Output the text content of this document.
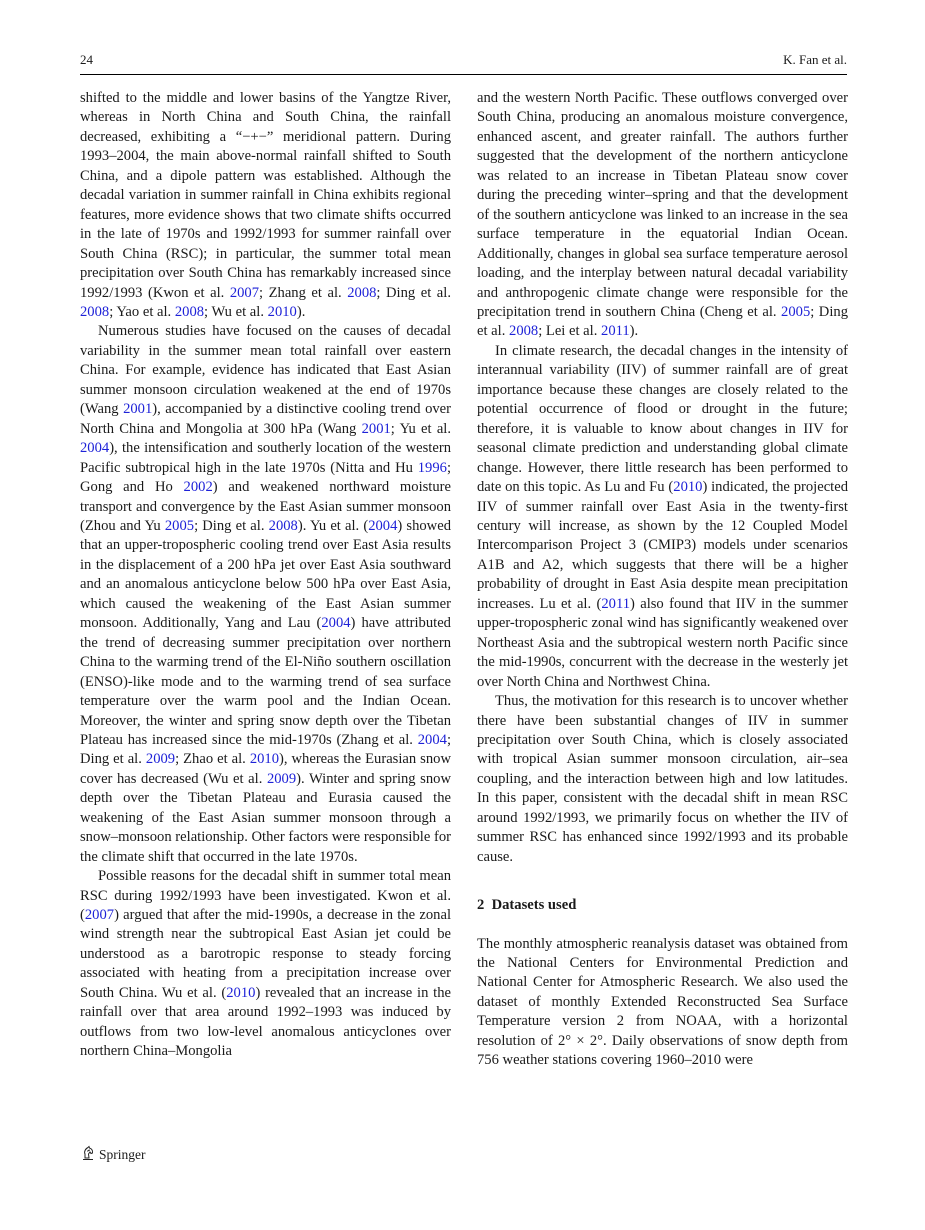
24	K. Fan et al.

shifted to the middle and lower basins of the Yangtze River, whereas in North China and South China, the rainfall decreased, exhibiting a “−+−” meridional pattern. During 1993–2004, the main above-normal rainfall shifted to South China, and a dipole pattern was established. Although the decadal variation in summer rainfall in China exhibits regional features, more evidence shows that two climate shifts occurred in the late of 1970s and 1992/1993 for summer rainfall over South China (RSC); in particular, the summer total mean precipitation over South China has remarkably increased since 1992/1993 (Kwon et al. 2007; Zhang et al. 2008; Ding et al. 2008; Yao et al. 2008; Wu et al. 2010).

Numerous studies have focused on the causes of decadal variability in the summer mean total rainfall over eastern China. For example, evidence has indicated that East Asian summer monsoon circulation weakened at the end of 1970s (Wang 2001), accompanied by a distinctive cooling trend over North China and Mongolia at 300 hPa (Wang 2001; Yu et al. 2004), the intensification and southerly location of the western Pacific subtropical high in the late 1970s (Nitta and Hu 1996; Gong and Ho 2002) and weakened northward moisture transport and convergence by the East Asian summer monsoon (Zhou and Yu 2005; Ding et al. 2008). Yu et al. (2004) showed that an upper-tropospheric cooling trend over East Asia results in the displacement of a 200 hPa jet over East Asia southward and an anomalous anticyclone below 500 hPa over East Asia, which caused the weakening of the East Asian summer monsoon. Additionally, Yang and Lau (2004) have attributed the trend of decreasing summer precipitation over northern China to the warming trend of the El-Niño southern oscillation (ENSO)-like mode and to the warming trend of sea surface temperature over the warm pool and the Indian Ocean. Moreover, the winter and spring snow depth over the Tibetan Plateau has increased since the mid-1970s (Zhang et al. 2004; Ding et al. 2009; Zhao et al. 2010), whereas the Eurasian snow cover has decreased (Wu et al. 2009). Winter and spring snow depth over the Tibetan Plateau and Eurasia caused the weakening of the East Asian summer monsoon through a snow–monsoon relationship. Other factors were responsible for the climate shift that occurred in the late 1970s.

Possible reasons for the decadal shift in summer total mean RSC during 1992/1993 have been investigated. Kwon et al. (2007) argued that after the mid-1990s, a decrease in the zonal wind strength near the subtropical East Asian jet could be understood as a barotropic response to steady forcing associated with heating from a precipitation increase over South China. Wu et al. (2010) revealed that an increase in the rainfall over that area around 1992–1993 was induced by outflows from two low-level anomalous anticyclones over northern China–Mongolia

and the western North Pacific. These outflows converged over South China, producing an anomalous moisture convergence, enhanced ascent, and greater rainfall. The authors further suggested that the development of the northern anticyclone was related to an increase in Tibetan Plateau snow cover during the preceding winter–spring and that the development of the southern anticyclone was linked to an increase in the sea surface temperature in the equatorial Indian Ocean. Additionally, changes in global sea surface temperature aerosol loading, and the interplay between natural decadal variability and anthropogenic climate change were responsible for the precipitation trend in southern China (Cheng et al. 2005; Ding et al. 2008; Lei et al. 2011).

In climate research, the decadal changes in the intensity of interannual variability (IIV) of summer rainfall are of great importance because these changes are closely related to the potential occurrence of flood or drought in the future; therefore, it is valuable to know about changes in IIV for seasonal climate prediction and understanding global climate change. However, there little research has been performed to date on this topic. As Lu and Fu (2010) indicated, the projected IIV of summer rainfall over East Asia in the twenty-first century will increase, as shown by the 12 Coupled Model Intercomparison Project 3 (CMIP3) models under scenarios A1B and A2, which suggests that there will be a higher probability of drought in East Asia despite mean precipitation increases. Lu et al. (2011) also found that IIV in the summer upper-tropospheric zonal wind has significantly weakened over Northeast Asia and the subtropical western north Pacific since the mid-1990s, concurrent with the decrease in the westerly jet over North China and Northwest China.

Thus, the motivation for this research is to uncover whether there have been substantial changes of IIV in summer precipitation over South China, which is closely associated with tropical Asian summer monsoon circulation, air–sea coupling, and the interaction between high and low latitudes. In this paper, consistent with the decadal shift in mean RSC around 1992/1993, we primarily focus on whether the IIV of summer RSC has enhanced since 1992/1993 and its probable cause.

2 Datasets used

The monthly atmospheric reanalysis dataset was obtained from the National Centers for Environmental Prediction and National Center for Atmospheric Research. We also used the dataset of monthly Extended Reconstructed Sea Surface Temperature version 2 from NOAA, with a horizontal resolution of 2° × 2°. Daily observations of snow depth from 756 weather stations covering 1960–2010 were

Springer
